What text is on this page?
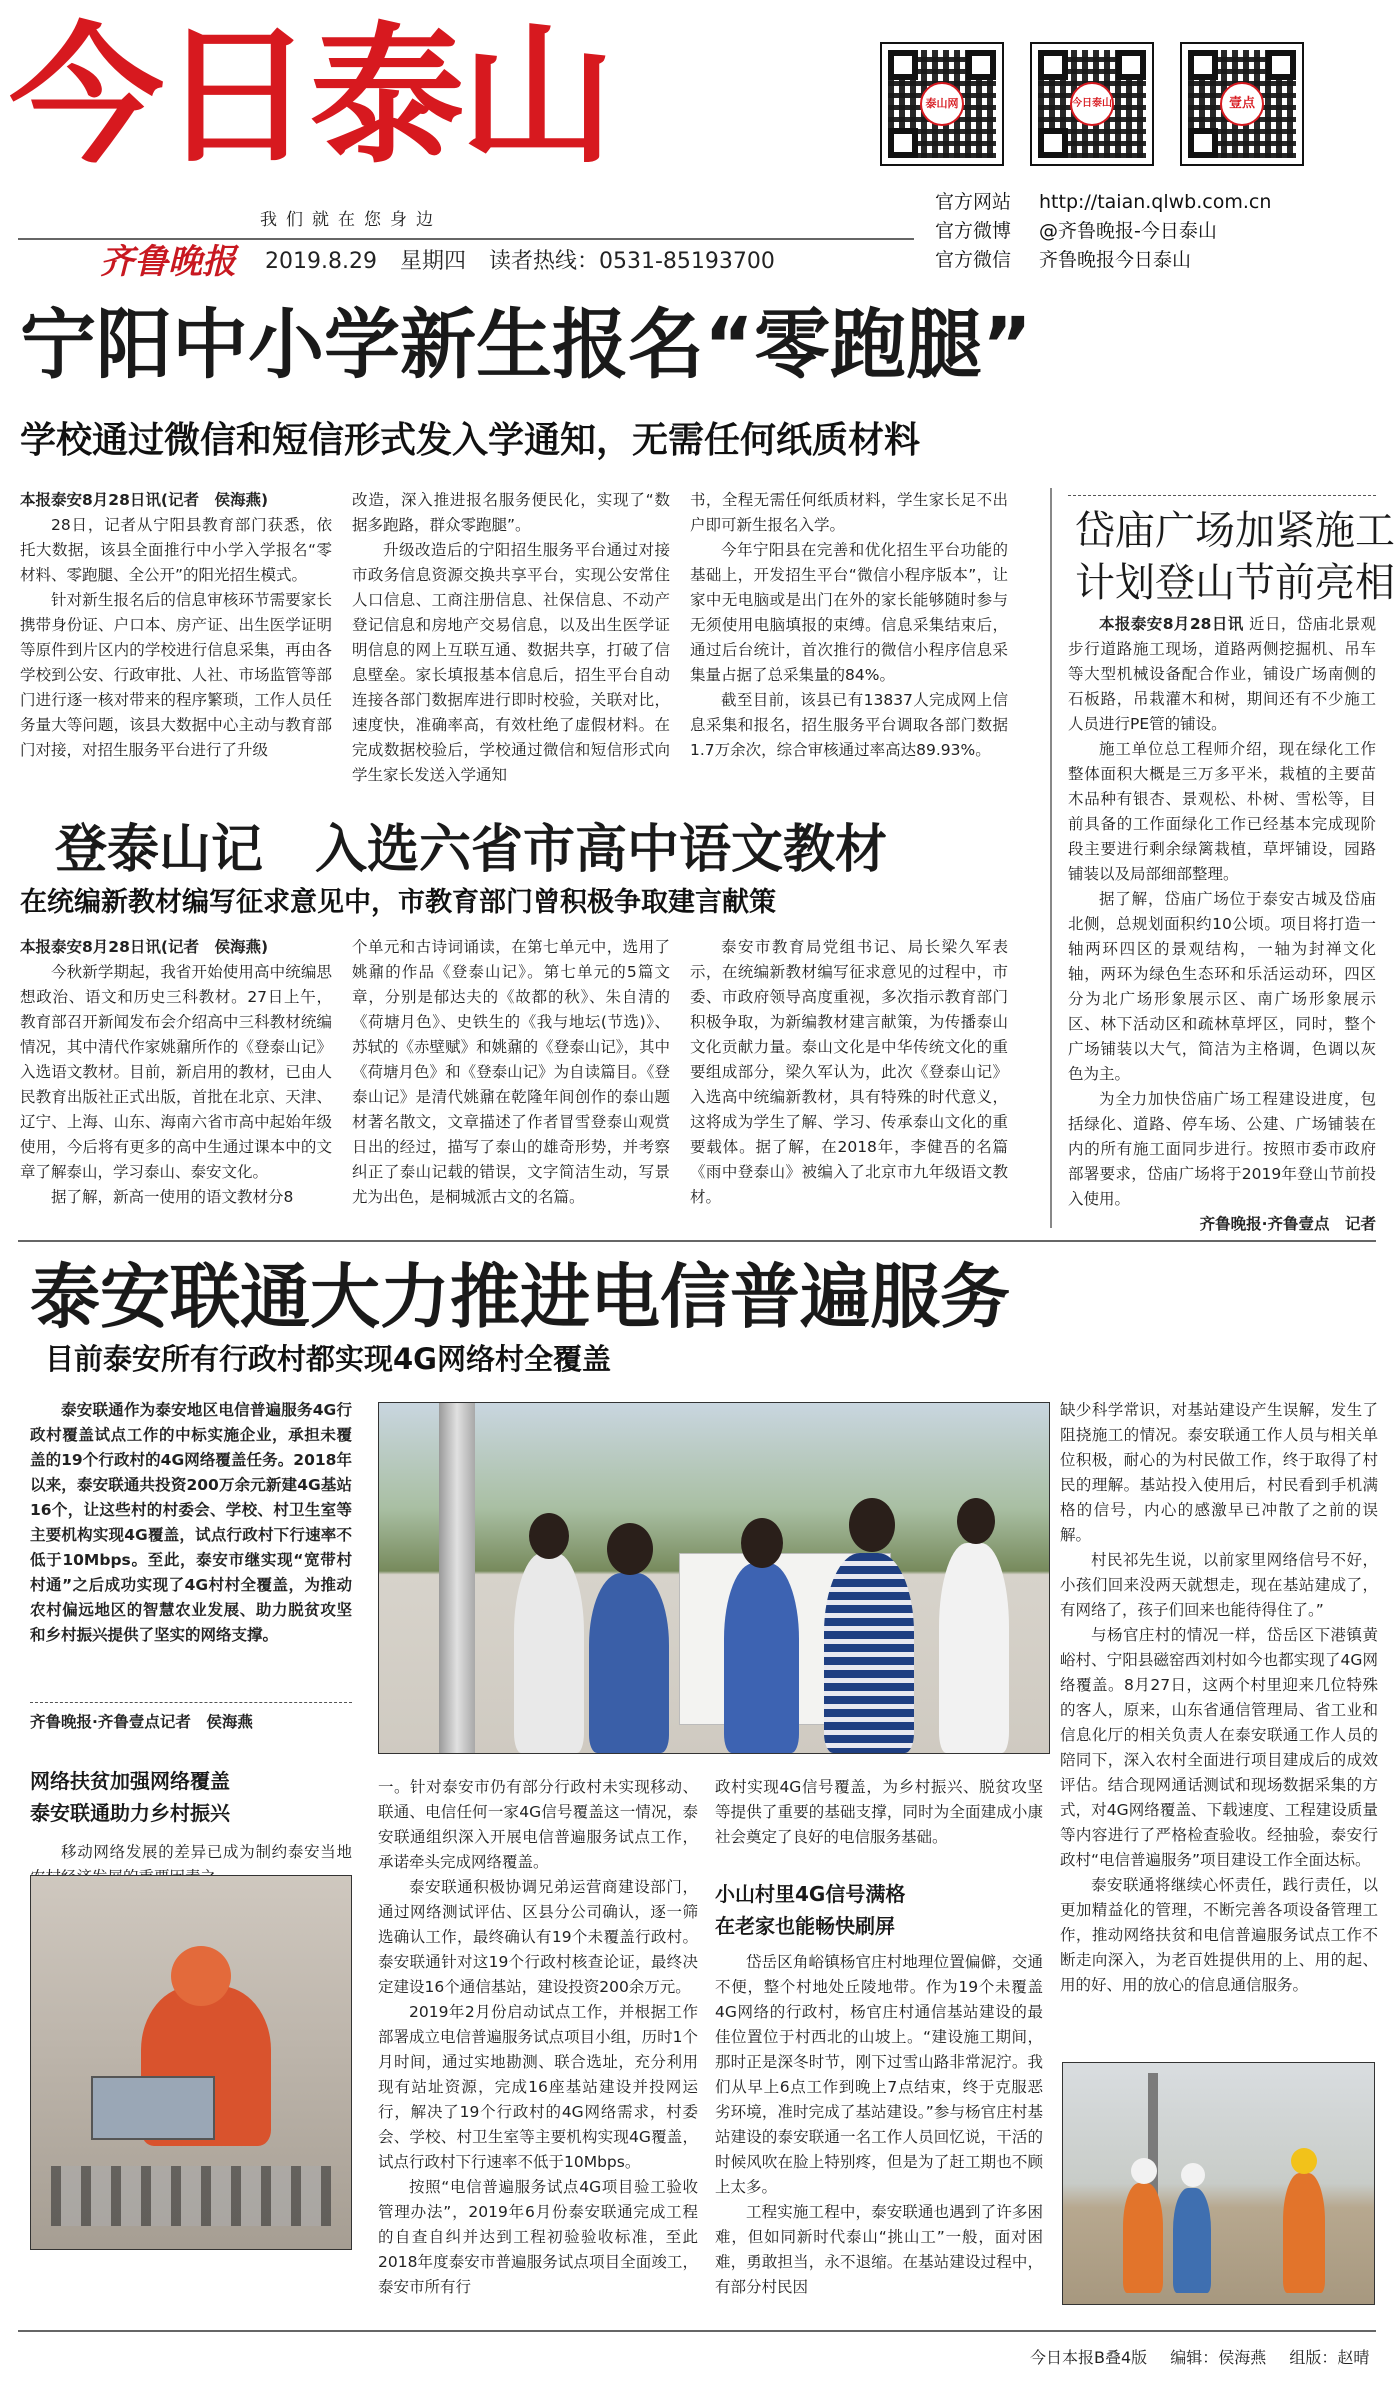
今日泰山
我们就在您身边
齐鲁晚报 2019.8.29 星期四 读者热线：0531-85193700
泰山网	今日泰山	壹点
官方网站 http://taian.qlwb.com.cn
官方微博 @齐鲁晚报-今日泰山
官方微信 齐鲁晚报今日泰山
宁阳中小学新生报名“零跑腿”
学校通过微信和短信形式发入学通知，无需任何纸质材料

本报泰安8月28日讯(记者　侯海燕)

28日，记者从宁阳县教育部门获悉，依托大数据，该县全面推行中小学入学报名“零材料、零跑腿、全公开”的阳光招生模式。

针对新生报名后的信息审核环节需要家长携带身份证、户口本、房产证、出生医学证明等原件到片区内的学校进行信息采集，再由各学校到公安、行政审批、人社、市场监管等部门进行逐一核对带来的程序繁琐，工作人员任务量大等问题，该县大数据中心主动与教育部门对接，对招生服务平台进行了升级

改造，深入推进报名服务便民化，实现了“数据多跑路，群众零跑腿”。

升级改造后的宁阳招生服务平台通过对接市政务信息资源交换共享平台，实现公安常住人口信息、工商注册信息、社保信息、不动产登记信息和房地产交易信息，以及出生医学证明信息的网上互联互通、数据共享，打破了信息壁垒。家长填报基本信息后，招生平台自动连接各部门数据库进行即时校验，关联对比，速度快，准确率高，有效杜绝了虚假材料。在完成数据校验后，学校通过微信和短信形式向学生家长发送入学通知

书，全程无需任何纸质材料，学生家长足不出户即可新生报名入学。

今年宁阳县在完善和优化招生平台功能的基础上，开发招生平台“微信小程序版本”，让家中无电脑或是出门在外的家长能够随时参与无须使用电脑填报的束缚。信息采集结束后，通过后台统计，首次推行的微信小程序信息采集量占据了总采集量的84%。

截至目前，该县已有13837人完成网上信息采集和报名，招生服务平台调取各部门数据1.7万余次，综合审核通过率高达89.93%。

岱庙广场加紧施工
计划登山节前亮相

本报泰安8月28日讯 近日，岱庙北景观步行道路施工现场，道路两侧挖掘机、吊车等大型机械设备配合作业，铺设广场南侧的石板路，吊栽灌木和树，期间还有不少施工人员进行PE管的铺设。

施工单位总工程师介绍，现在绿化工作整体面积大概是三万多平米，栽植的主要苗木品种有银杏、景观松、朴树、雪松等，目前具备的工作面绿化工作已经基本完成现阶段主要进行剩余绿篱栽植，草坪铺设，园路铺装以及局部细部整理。

据了解，岱庙广场位于泰安古城及岱庙北侧，总规划面积约10公顷。项目将打造一轴两环四区的景观结构，一轴为封禅文化轴，两环为绿色生态环和乐活运动环，四区分为北广场形象展示区、南广场形象展示区、林下活动区和疏林草坪区，同时，整个广场铺装以大气，简洁为主格调，色调以灰色为主。

为全力加快岱庙广场工程建设进度，包括绿化、道路、停车场、公建、广场铺装在内的所有施工面同步进行。按照市委市政府部署要求，岱庙广场将于2019年登山节前投入使用。

齐鲁晚报·齐鲁壹点　记者
登泰山记　入选六省市高中语文教材
在统编新教材编写征求意见中，市教育部门曾积极争取建言献策

本报泰安8月28日讯(记者　侯海燕)

今秋新学期起，我省开始使用高中统编思想政治、语文和历史三科教材。27日上午，教育部召开新闻发布会介绍高中三科教材统编情况，其中清代作家姚鼐所作的《登泰山记》入选语文教材。目前，新启用的教材，已由人民教育出版社正式出版，首批在北京、天津、辽宁、上海、山东、海南六省市高中起始年级使用，今后将有更多的高中生通过课本中的文章了解泰山，学习泰山、泰安文化。

据了解，新高一使用的语文教材分8

个单元和古诗词诵读，在第七单元中，选用了姚鼐的作品《登泰山记》。第七单元的5篇文章，分别是郁达夫的《故都的秋》、朱自清的《荷塘月色》、史铁生的《我与地坛(节选)》、苏轼的《赤壁赋》和姚鼐的《登泰山记》，其中《荷塘月色》和《登泰山记》为自读篇目。《登泰山记》是清代姚鼐在乾隆年间创作的泰山题材著名散文，文章描述了作者冒雪登泰山观赏日出的经过，描写了泰山的雄奇形势，并考察纠正了泰山记载的错误，文字简洁生动，写景尤为出色，是桐城派古文的名篇。

泰安市教育局党组书记、局长梁久军表示，在统编新教材编写征求意见的过程中，市委、市政府领导高度重视，多次指示教育部门积极争取，为新编教材建言献策，为传播泰山文化贡献力量。泰山文化是中华传统文化的重要组成部分，梁久军认为，此次《登泰山记》入选高中统编新教材，具有特殊的时代意义，这将成为学生了解、学习、传承泰山文化的重要载体。据了解，在2018年，李健吾的名篇《雨中登泰山》被编入了北京市九年级语文教材。

泰安联通大力推进电信普遍服务
目前泰安所有行政村都实现4G网络村全覆盖

泰安联通作为泰安地区电信普遍服务4G行政村覆盖试点工作的中标实施企业，承担未覆盖的19个行政村的4G网络覆盖任务。2018年以来，泰安联通共投资200万余元新建4G基站16个，让这些村的村委会、学校、村卫生室等主要机构实现4G覆盖，试点行政村下行速率不低于10Mbps。至此，泰安市继实现“宽带村村通”之后成功实现了4G村村全覆盖，为推动农村偏远地区的智慧农业发展、助力脱贫攻坚和乡村振兴提供了坚实的网络支撑。

齐鲁晚报·齐鲁壹点记者　侯海燕
网络扶贫加强网络覆盖
泰安联通助力乡村振兴

移动网络发展的差异已成为制约泰安当地

一。针对泰安市仍有部分行政村未实现移动、联通、电信任何一家4G信号覆盖这一情况，泰安联通组织深入开展电信普遍服务试点工作，承诺牵头完成网络覆盖。

泰安联通积极协调兄弟运营商建设部门，通过网络测试评估、区县分公司确认，逐一筛选确认工作，最终确认有19个未覆盖行政村。泰安联通针对这19个行政村核查论证，最终决定建设16个通信基站，建设投资200余万元。

2019年2月份启动试点工作，并根据工作部署成立电信普遍服务试点项目小组，历时1个月时间，通过实地勘测、联合选址，充分利用现有站址资源，完成16座基站建设并投网运行，解决了19个行政村的4G网络需求，村委会、学校、村卫生室等主要机构实现4G覆盖，试点行政村下行速率不低于10Mbps。

按照“电信普遍服务试点4G项目验工验收管理办法”，2019年6月份泰安联通完成工程的自查自纠并达到工程初验验收标准，至此2018年度泰安市普遍服务试点项目全面竣工，泰安市所有行

政村实现4G信号覆盖，为乡村振兴、脱贫攻坚等提供了重要的基础支撑，同时为全面建成小康社会奠定了良好的电信服务基础。

小山村里4G信号满格
在老家也能畅快刷屏

岱岳区角峪镇杨官庄村地理位置偏僻，交通不便，整个村地处丘陵地带。作为19个未覆盖4G网络的行政村，杨官庄村通信基站建设的最佳位置位于村西北的山坡上。“建设施工期间，那时正是深冬时节，刚下过雪山路非常泥泞。我们从早上6点工作到晚上7点结束，终于克服恶劣环境，准时完成了基站建设。”参与杨官庄村基站建设的泰安联通一名工作人员回忆说，干活的时候风吹在脸上特别疼，但是为了赶工期也不顾上太多。

工程实施工程中，泰安联通也遇到了许多困难，但如同新时代泰山“挑山工”一般，面对困难，勇敢担当，永不退缩。在基站建设过程中，有部分村民因

缺少科学常识，对基站建设产生误解，发生了阻挠施工的情况。泰安联通工作人员与相关单位积极，耐心的为村民做工作，终于取得了村民的理解。基站投入使用后，村民看到手机满格的信号，内心的感激早已冲散了之前的误解。

村民祁先生说，以前家里网络信号不好，小孩们回来没两天就想走，现在基站建成了，有网络了，孩子们回来也能待得住了。”

与杨官庄村的情况一样，岱岳区下港镇黄峪村、宁阳县磁窑西刘村如今也都实现了4G网络覆盖。8月27日，这两个村里迎来几位特殊的客人，原来，山东省通信管理局、省工业和信息化厅的相关负责人在泰安联通工作人员的陪同下，深入农村全面进行项目建成后的成效评估。结合现网通话测试和现场数据采集的方式，对4G网络覆盖、下载速度、工程建设质量等内容进行了严格检查验收。经抽验，泰安行政村“电信普遍服务”项目建设工作全面达标。

泰安联通将继续心怀责任，践行责任，以更加精益化的管理，不断完善各项设备管理工作，推动网络扶贫和电信普遍服务试点工作不断走向深入，为老百姓提供用的上、用的起、用的好、用的放心的信息通信服务。

今日本报B叠4版 编辑：侯海燕 组版：赵晴
